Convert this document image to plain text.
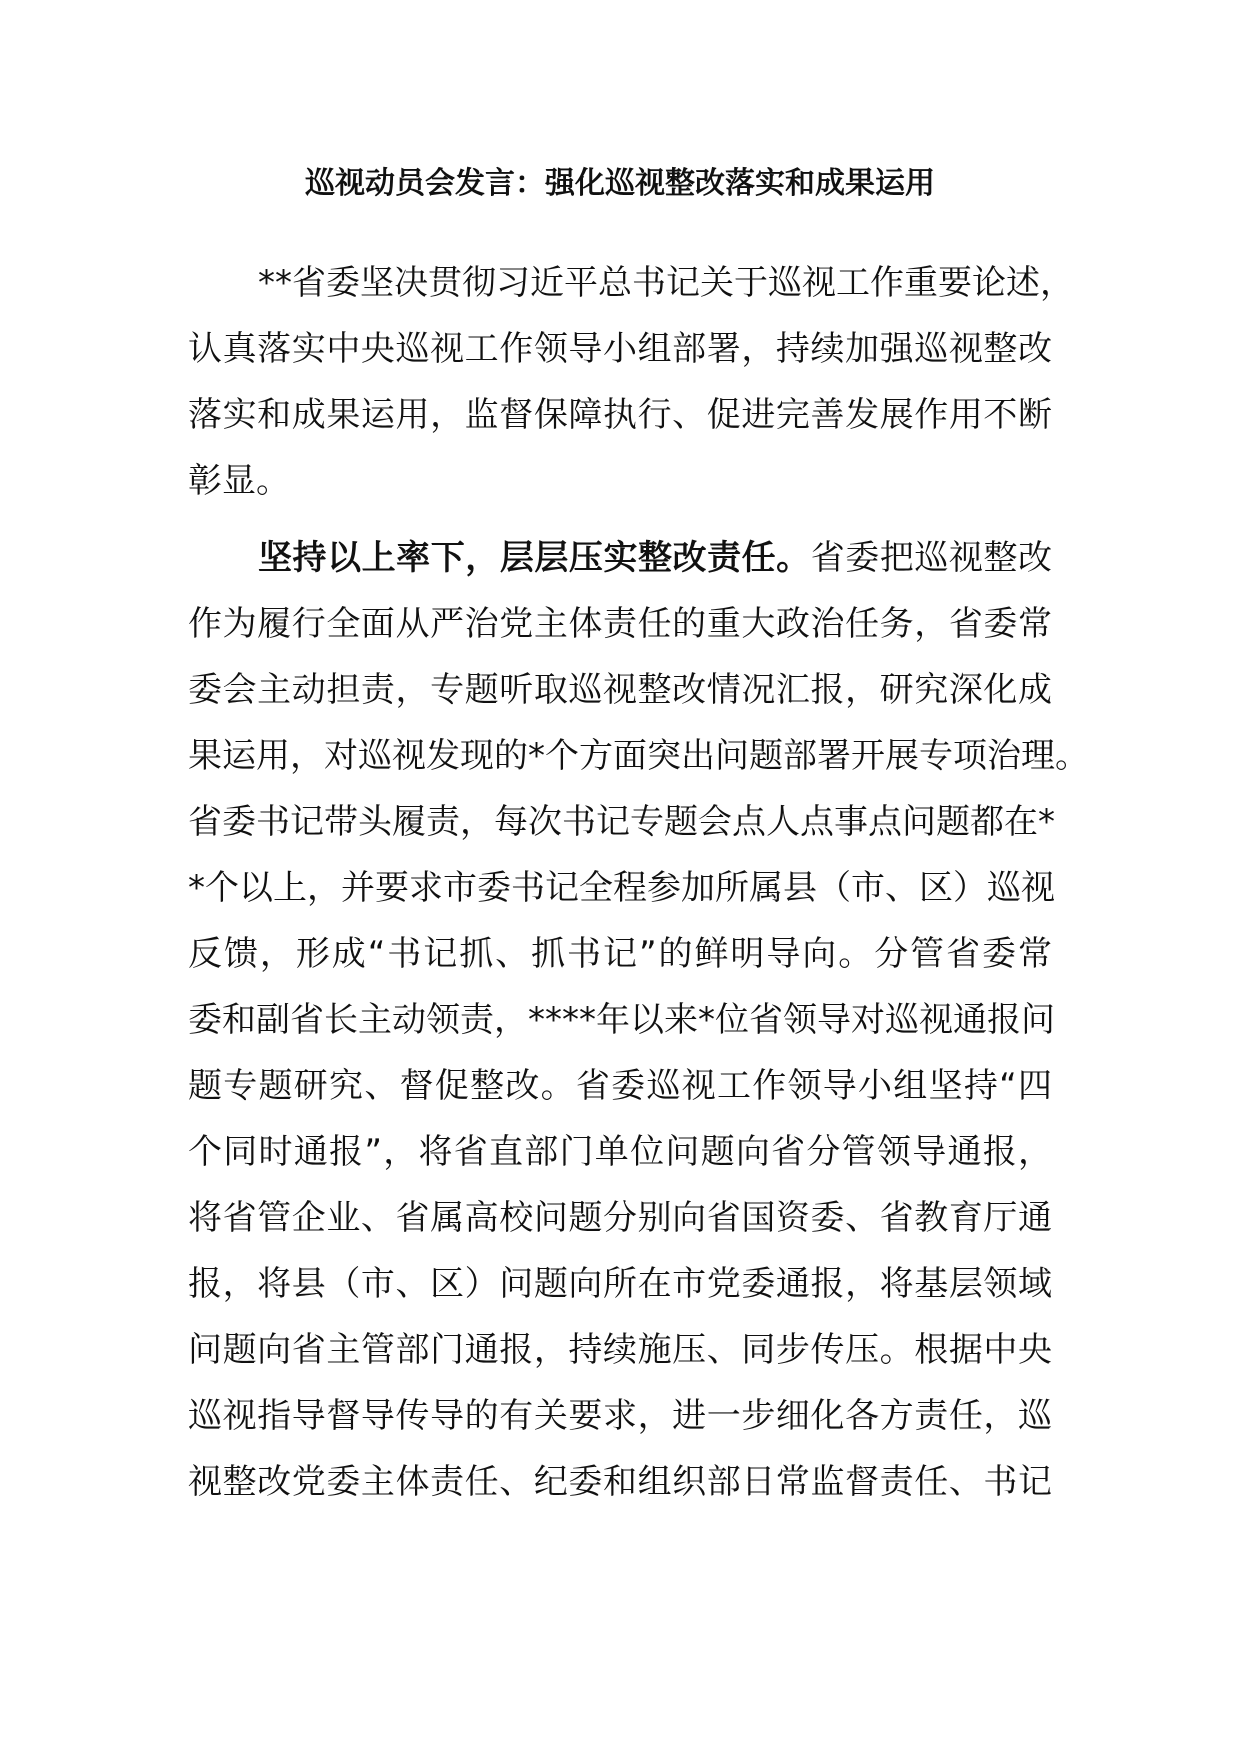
巡视动员会发言：强化巡视整改落实和成果运用
**省委坚决贯彻习近平总书记关于巡视工作重要论述，
认真落实中央巡视工作领导小组部署，持续加强巡视整改
落实和成果运用，监督保障执行、促进完善发展作用不断
彰显。
坚持以上率下，层层压实整改责任。省委把巡视整改
作为履行全面从严治党主体责任的重大政治任务，省委常
委会主动担责，专题听取巡视整改情况汇报，研究深化成
果运用，对巡视发现的*个方面突出问题部署开展专项治理。
省委书记带头履责，每次书记专题会点人点事点问题都在*
*个以上，并要求市委书记全程参加所属县（市、区）巡视
反馈，形成“书记抓、抓书记”的鲜明导向。分管省委常
委和副省长主动领责，****年以来*位省领导对巡视通报问
题专题研究、督促整改。省委巡视工作领导小组坚持“四
个同时通报”，将省直部门单位问题向省分管领导通报，
将省管企业、省属高校问题分别向省国资委、省教育厅通
报，将县（市、区）问题向所在市党委通报，将基层领域
问题向省主管部门通报，持续施压、同步传压。根据中央
巡视指导督导传导的有关要求，进一步细化各方责任，巡
视整改党委主体责任、纪委和组织部日常监督责任、书记
